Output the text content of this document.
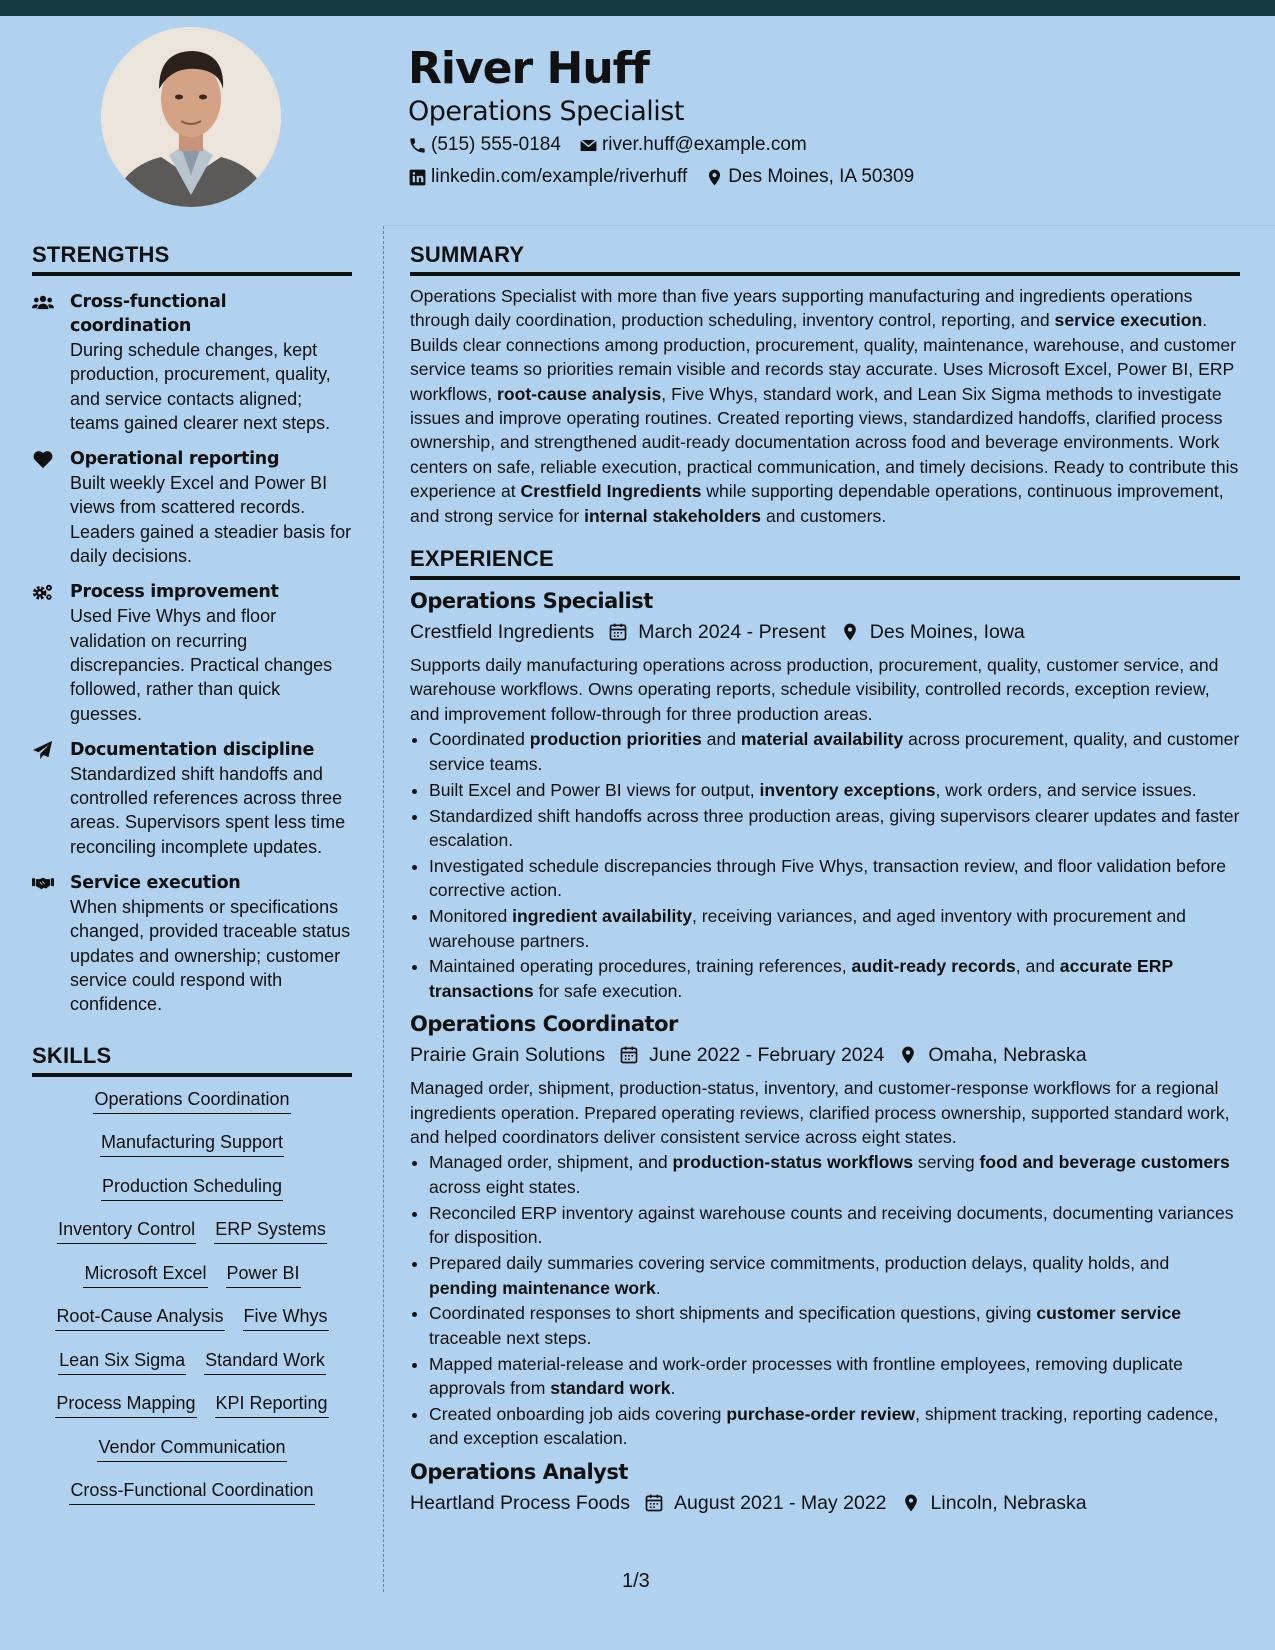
River Huff
Operations Specialist
(515) 555-0184 river.huff@example.com
linkedin.com/example/riverhuff Des Moines, IA 50309
STRENGTHS
Cross-functional coordination
During schedule changes, kept production, procurement, quality, and service contacts aligned; teams gained clearer next steps.
Operational reporting
Built weekly Excel and Power BI views from scattered records. Leaders gained a steadier basis for daily decisions.
Process improvement
Used Five Whys and floor validation on recurring discrepancies. Practical changes followed, rather than quick guesses.
Documentation discipline
Standardized shift handoffs and controlled references across three areas. Supervisors spent less time reconciling incomplete updates.
Service execution
When shipments or specifications changed, provided traceable status updates and ownership; customer service could respond with confidence.
SKILLS
Operations Coordination
Manufacturing Support
Production Scheduling
Inventory Control ERP Systems
Microsoft Excel Power BI
Root-Cause Analysis Five Whys
Lean Six Sigma Standard Work
Process Mapping KPI Reporting
Vendor Communication
Cross-Functional Coordination
SUMMARY

Operations Specialist with more than five years supporting manufacturing and ingredients operations through daily coordination, production scheduling, inventory control, reporting, and service execution. Builds clear connections among production, procurement, quality, maintenance, warehouse, and customer service teams so priorities remain visible and records stay accurate. Uses Microsoft Excel, Power BI, ERP workflows, root-cause analysis, Five Whys, standard work, and Lean Six Sigma methods to investigate issues and improve operating routines. Created reporting views, standardized handoffs, clarified process ownership, and strengthened audit-ready documentation across food and beverage environments. Work centers on safe, reliable execution, practical communication, and timely decisions. Ready to contribute this experience at Crestfield Ingredients while supporting dependable operations, continuous improvement, and strong service for internal stakeholders and customers.

EXPERIENCE
Operations Specialist
Crestfield Ingredients March 2024 - Present Des Moines, Iowa

Supports daily manufacturing operations across production, procurement, quality, customer service, and warehouse workflows. Owns operating reports, schedule visibility, controlled records, exception review, and improvement follow-through for three production areas.

• Coordinated production priorities and material availability across procurement, quality, and customer service teams.
• Built Excel and Power BI views for output, inventory exceptions, work orders, and service issues.
• Standardized shift handoffs across three production areas, giving supervisors clearer updates and faster escalation.
• Investigated schedule discrepancies through Five Whys, transaction review, and floor validation before corrective action.
• Monitored ingredient availability, receiving variances, and aged inventory with procurement and warehouse partners.
• Maintained operating procedures, training references, audit-ready records, and accurate ERP transactions for safe execution.
Operations Coordinator
Prairie Grain Solutions June 2022 - February 2024 Omaha, Nebraska

Managed order, shipment, production-status, inventory, and customer-response workflows for a regional ingredients operation. Prepared operating reviews, clarified process ownership, supported standard work, and helped coordinators deliver consistent service across eight states.

• Managed order, shipment, and production-status workflows serving food and beverage customers across eight states.
• Reconciled ERP inventory against warehouse counts and receiving documents, documenting variances for disposition.
• Prepared daily summaries covering service commitments, production delays, quality holds, and pending maintenance work.
• Coordinated responses to short shipments and specification questions, giving customer service traceable next steps.
• Mapped material-release and work-order processes with frontline employees, removing duplicate approvals from standard work.
• Created onboarding job aids covering purchase-order review, shipment tracking, reporting cadence, and exception escalation.
Operations Analyst
Heartland Process Foods August 2021 - May 2022 Lincoln, Nebraska
1/3
